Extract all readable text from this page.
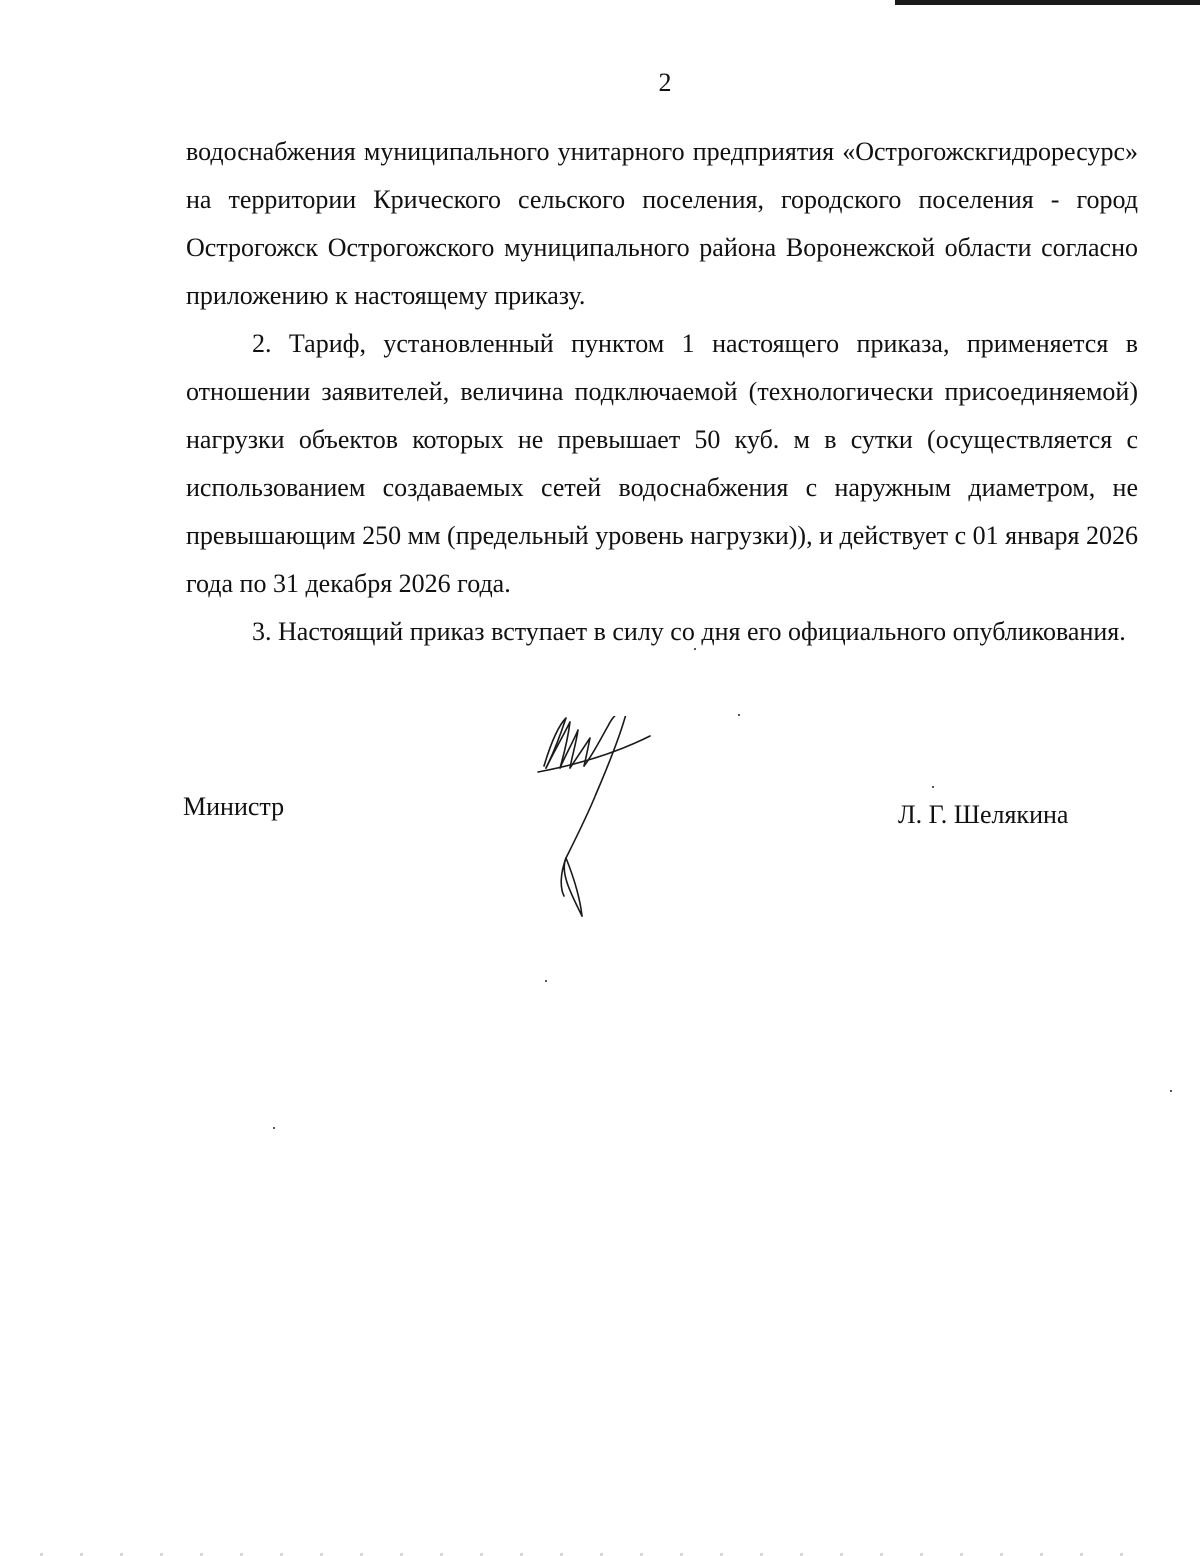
2

водоснабжения муниципального унитарного предприятия «Острогожскгидроресурс» на территории Кричеcкого сельского поселения, городского поселения - город Острогожск Острогожского муниципального района Воронежской области согласно приложению к настоящему приказу.

2. Тариф, установленный пунктом 1 настоящего приказа, применяется в отношении заявителей, величина подключаемой (технологически присоединяемой) нагрузки объектов которых не превышает 50 куб. м в сутки (осуществляется с использованием создаваемых сетей водоснабжения с наружным диаметром, не превышающим 250 мм (предельный уровень нагрузки)), и действует с 01 января 2026 года по 31 декабря 2026 года.

3. Настоящий приказ вступает в силу со дня его официального опубликования.

Министр	Л. Г. Шелякина
